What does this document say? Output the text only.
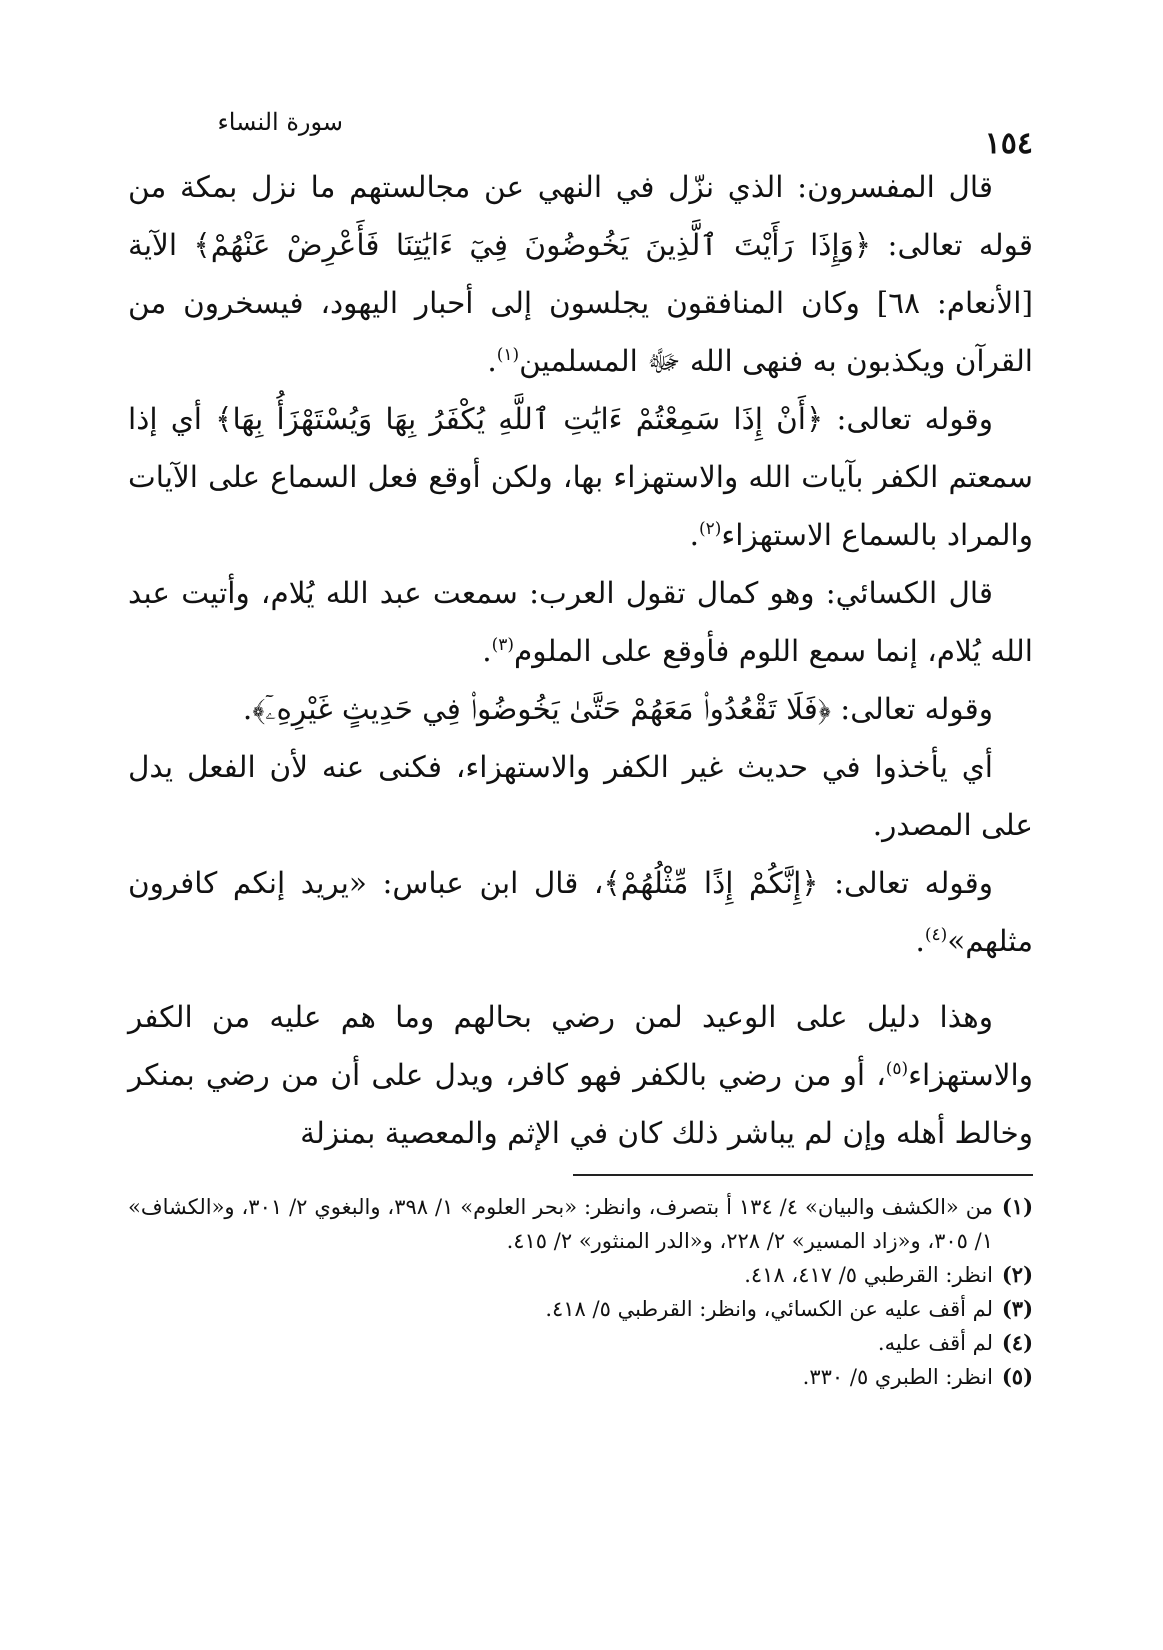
سورة النساء
١٥٤

قال المفسرون: الذي نزّل في النهي عن مجالستهم ما نزل بمكة من قوله تعالى: ﴿وَإِذَا رَأَيْتَ ٱلَّذِينَ يَخُوضُونَ فِيٓ ءَايَٰتِنَا فَأَعْرِضْ عَنْهُمْ﴾ الآية [الأنعام: ٦٨] وكان المنافقون يجلسون إلى أحبار اليهود، فيسخرون من القرآن ويكذبون به فنهى الله ﷻ المسلمين$^{(١)}$.

وقوله تعالى: ﴿أَنْ إِذَا سَمِعْتُمْ ءَايَٰتِ ٱللَّهِ يُكْفَرُ بِهَا وَيُسْتَهْزَأُ بِهَا﴾ أي إذا سمعتم الكفر بآيات الله والاستهزاء بها، ولكن أوقع فعل السماع على الآيات والمراد بالسماع الاستهزاء$^{(٢)}$.

قال الكسائي: وهو كمال تقول العرب: سمعت عبد الله يُلام، وأتيت عبد الله يُلام، إنما سمع اللوم فأوقع على الملوم$^{(٣)}$.

وقوله تعالى: ﴿فَلَا تَقْعُدُوا۟ مَعَهُمْ حَتَّىٰ يَخُوضُوا۟ فِي حَدِيثٍ غَيْرِهِۦٓ﴾.

أي يأخذوا في حديث غير الكفر والاستهزاء، فكنى عنه لأن الفعل يدل على المصدر.

وقوله تعالى: ﴿إِنَّكُمْ إِذًا مِّثْلُهُمْ﴾، قال ابن عباس: «يريد إنكم كافرون مثلهم»$^{(٤)}$.

وهذا دليل على الوعيد لمن رضي بحالهم وما هم عليه من الكفر والاستهزاء$^{(٥)}$، أو من رضي بالكفر فهو كافر، ويدل على أن من رضي بمنكر وخالط أهله وإن لم يباشر ذلك كان في الإثم والمعصية بمنزلة

(١)
من «الكشف والبيان» ٤/ ١٣٤ أ بتصرف، وانظر: «بحر العلوم» ١/ ٣٩٨، والبغوي ٢/ ٣٠١، و«الكشاف» ١/ ٣٠٥، و«زاد المسير» ٢/ ٢٢٨، و«الدر المنثور» ٢/ ٤١٥.
(٢)
انظر: القرطبي ٥/ ٤١٧، ٤١٨.
(٣)
لم أقف عليه عن الكسائي، وانظر: القرطبي ٥/ ٤١٨.
(٤)
لم أقف عليه.
(٥)
انظر: الطبري ٥/ ٣٣٠.
